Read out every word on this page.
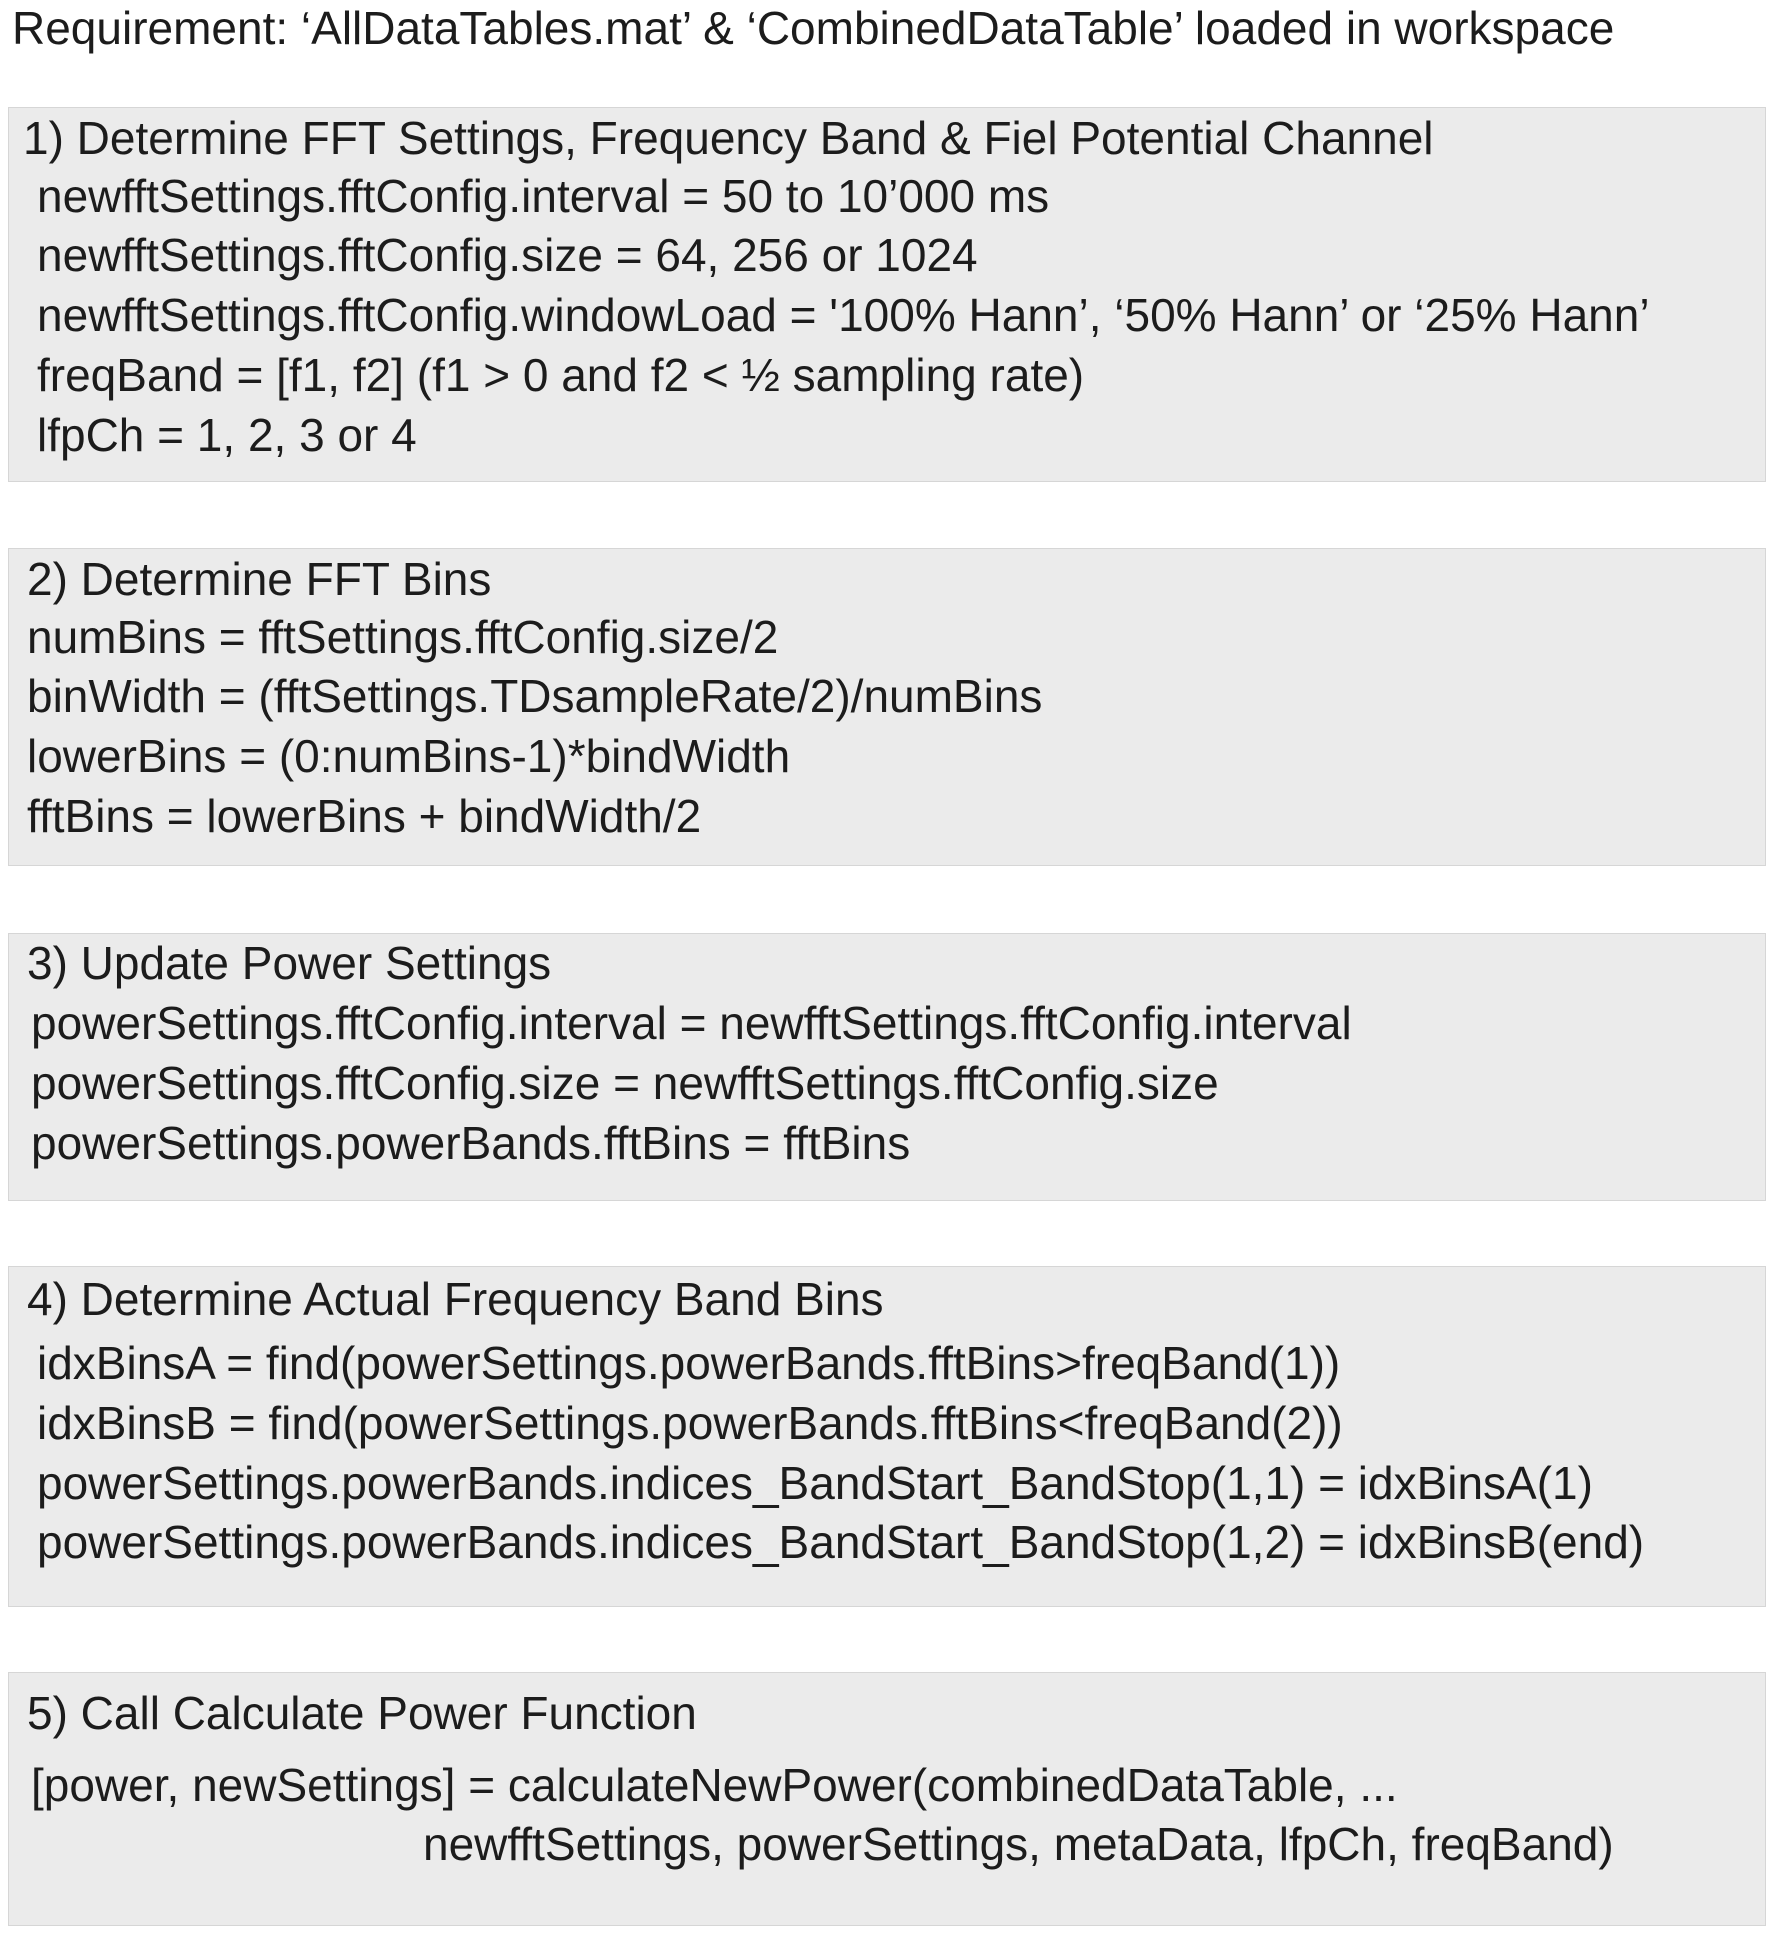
Requirement: ‘AllDataTables.mat’ & ‘CombinedDataTable’ loaded in workspace
1) Determine FFT Settings, Frequency Band & Fiel Potential Channel
newfftSettings.fftConfig.interval = 50 to 10’000 ms
newfftSettings.fftConfig.size = 64, 256 or 1024
newfftSettings.fftConfig.windowLoad = '100% Hann’, ‘50% Hann’ or ‘25% Hann’
freqBand = [f1, f2] (f1 > 0 and f2 < ½ sampling rate)
lfpCh = 1, 2, 3 or 4
2) Determine FFT Bins
numBins = fftSettings.fftConfig.size/2
binWidth = (fftSettings.TDsampleRate/2)/numBins
lowerBins = (0:numBins-1)*bindWidth
fftBins = lowerBins + bindWidth/2
3) Update Power Settings
powerSettings.fftConfig.interval = newfftSettings.fftConfig.interval
powerSettings.fftConfig.size = newfftSettings.fftConfig.size
powerSettings.powerBands.fftBins = fftBins
4) Determine Actual Frequency Band Bins
idxBinsA = find(powerSettings.powerBands.fftBins>freqBand(1))
idxBinsB = find(powerSettings.powerBands.fftBins<freqBand(2))
powerSettings.powerBands.indices_BandStart_BandStop(1,1) = idxBinsA(1)
powerSettings.powerBands.indices_BandStart_BandStop(1,2) = idxBinsB(end)
5) Call Calculate Power Function
[power, newSettings] = calculateNewPower(combinedDataTable, ...
newfftSettings, powerSettings, metaData, lfpCh, freqBand)
